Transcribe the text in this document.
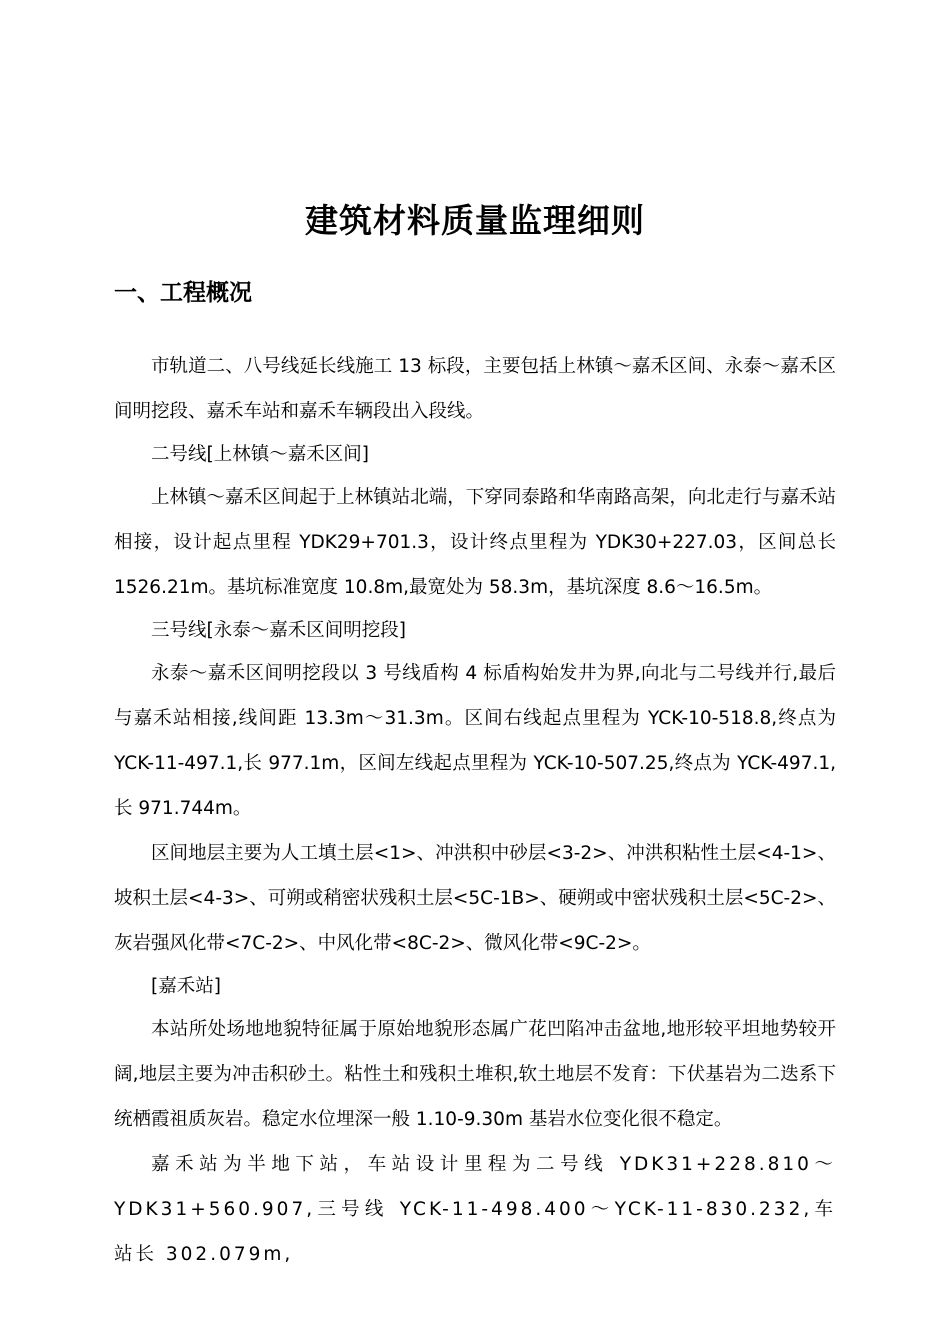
建筑材料质量监理细则
一、工程概况

市轨道二、八号线延长线施工 13 标段，主要包括上林镇～嘉禾区间、永泰～嘉禾区间明挖段、嘉禾车站和嘉禾车辆段出入段线。

二号线[上林镇～嘉禾区间]

上林镇～嘉禾区间起于上林镇站北端，下穿同泰路和华南路高架，向北走行与嘉禾站相接，设计起点里程 YDK29+701.3，设计终点里程为 YDK30+227.03，区间总长 1526.21m。基坑标准宽度 10.8m,最宽处为 58.3m，基坑深度 8.6～16.5m。

三号线[永泰～嘉禾区间明挖段]

永泰～嘉禾区间明挖段以 3 号线盾构 4 标盾构始发井为界,向北与二号线并行,最后与嘉禾站相接,线间距 13.3m～31.3m。区间右线起点里程为 YCK-10-518.8,终点为 YCK-11-497.1,长 977.1m，区间左线起点里程为 YCK-10-507.25,终点为 YCK-497.1,长 971.744m。

区间地层主要为人工填土层<1>、冲洪积中砂层<3-2>、冲洪积粘性土层<4-1>、坡积土层<4-3>、可朔或稍密状残积土层<5C-1B>、硬朔或中密状残积土层<5C-2>、灰岩强风化带<7C-2>、中风化带<8C-2>、微风化带<9C-2>。

[嘉禾站]

本站所处场地地貌特征属于原始地貌形态属广花凹陷冲击盆地,地形较平坦地势较开阔,地层主要为冲击积砂土。粘性土和残积土堆积,软土地层不发育：下伏基岩为二迭系下统栖霞祖质灰岩。稳定水位埋深一般 1.10-9.30m 基岩水位变化很不稳定。

嘉禾站为半地下站，车站设计里程为二号线 YDK31+228.810～YDK31+560.907,三号线 YCK-11-498.400～YCK-11-830.232,车站长 302.079m,
